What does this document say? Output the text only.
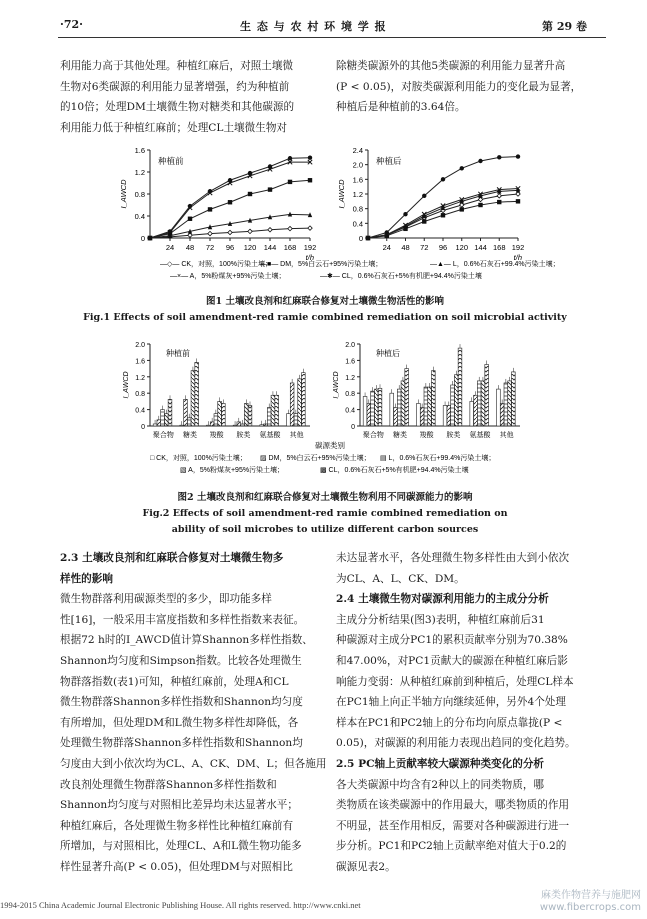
·72·	生 态 与 农 村 环 境 学 报	第 29 卷
利用能力高于其他处理。种植红麻后，对照土壤微
生物对6类碳源的利用能力显著增强，约为种植前
的10倍；处理DM土壤微生物对糖类和其他碳源的
利用能力低于种植红麻前；处理CL土壤微生物对
除糖类碳源外的其他5类碳源的利用能力显著升高
(P < 0.05)，对胺类碳源利用能力的变化最为显著，
种植后是种植前的3.64倍。
0
0.4
0.8
1.2
1.6
24 48 72 96 120 144 168 192
种植前
I_AWCD
t/h
0
0.4
0.8
1.2
1.6
2.0
2.4
24 48 72 96 120 144 168 192
种植后
I_AWCD
t/h
—◇— CK，对照，100%污染土壤；
—■— DM，5%白云石+95%污染土壤；	—▲— L，0.6%石灰石+99.4%污染土壤；
—×— A，5%粉煤灰+95%污染土壤；	—✱— CL，0.6%石灰石+5%有机肥+94.4%污染土壤
图1 土壤改良剂和红麻联合修复对土壤微生物活性的影响
Fig.1 Effects of soil amendment-red ramie combined remediation on soil microbial activity
0
0.4
0.8
1.2
1.6
2.0
种植前
I_AWCD
聚合物 糖类 羧酸 胺类 氨基酸 其他
0
0.4
0.8
1.2
1.6
2.0
种植后
I_AWCD
聚合物 糖类 羧酸 胺类 氨基酸 其他
碳源类别
□ CK，对照，100%污染土壤； ▨ DM，5%白云石+95%污染土壤； ▤ L，0.6%石灰石+99.4%污染土壤；
▧ A，5%粉煤灰+95%污染土壤；	▩ CL，0.6%石灰石+5%有机肥+94.4%污染土壤
图2 土壤改良剂和红麻联合修复对土壤微生物利用不同碳源能力的影响
Fig.2 Effects of soil amendment-red ramie combined remediation on
ability of soil microbes to utilize different carbon sources
2.3 土壤改良剂和红麻联合修复对土壤微生物多
样性的影响
微生物群落利用碳源类型的多少，即功能多样
性[16]，一般采用丰富度指数和多样性指数来表征。
根据72 h时的I_AWCD值计算Shannon多样性指数、
Shannon均匀度和Simpson指数。比较各处理微生
物群落指数(表1)可知，种植红麻前，处理A和CL
微生物群落Shannon多样性指数和Shannon均匀度
有所增加，但处理DM和L微生物多样性却降低，各
处理微生物群落Shannon多样性指数和Shannon均
匀度由大到小依次均为CL、A、CK、DM、L；但各施用
改良剂处理微生物群落Shannon多样性指数和
Shannon均匀度与对照相比差异均未达显著水平；
种植红麻后，各处理微生物多样性比种植红麻前有
所增加，与对照相比，处理CL、A和L微生物功能多
样性显著升高(P < 0.05)，但处理DM与对照相比
未达显著水平，各处理微生物多样性由大到小依次
为CL、A、L、CK、DM。
2.4 土壤微生物对碳源利用能力的主成分分析
主成分分析结果(图3)表明，种植红麻前后31
种碳源对主成分PC1的累积贡献率分别为70.38%
和47.00%，对PC1贡献大的碳源在种植红麻后影
响能力变弱：从种植红麻前到种植后，处理CL样本
在PC1轴上向正半轴方向继续延伸，另外4个处理
样本在PC1和PC2轴上的分布均向原点靠拢(P <
0.05)，对碳源的利用能力表现出趋同的变化趋势。
2.5 PC轴上贡献率较大碳源种类变化的分析
各大类碳源中均含有2种以上的同类物质，哪
类物质在该类碳源中的作用最大，哪类物质的作用
不明显，甚至作用相反，需要对各种碳源进行进一
步分析。PC1和PC2轴上贡献率绝对值大于0.2的
碳源见表2。
1994-2015 China Academic Journal Electronic Publishing House. All rights reserved. http://www.cnki.net
麻类作物营养与施肥网
www.fibercrops.com
